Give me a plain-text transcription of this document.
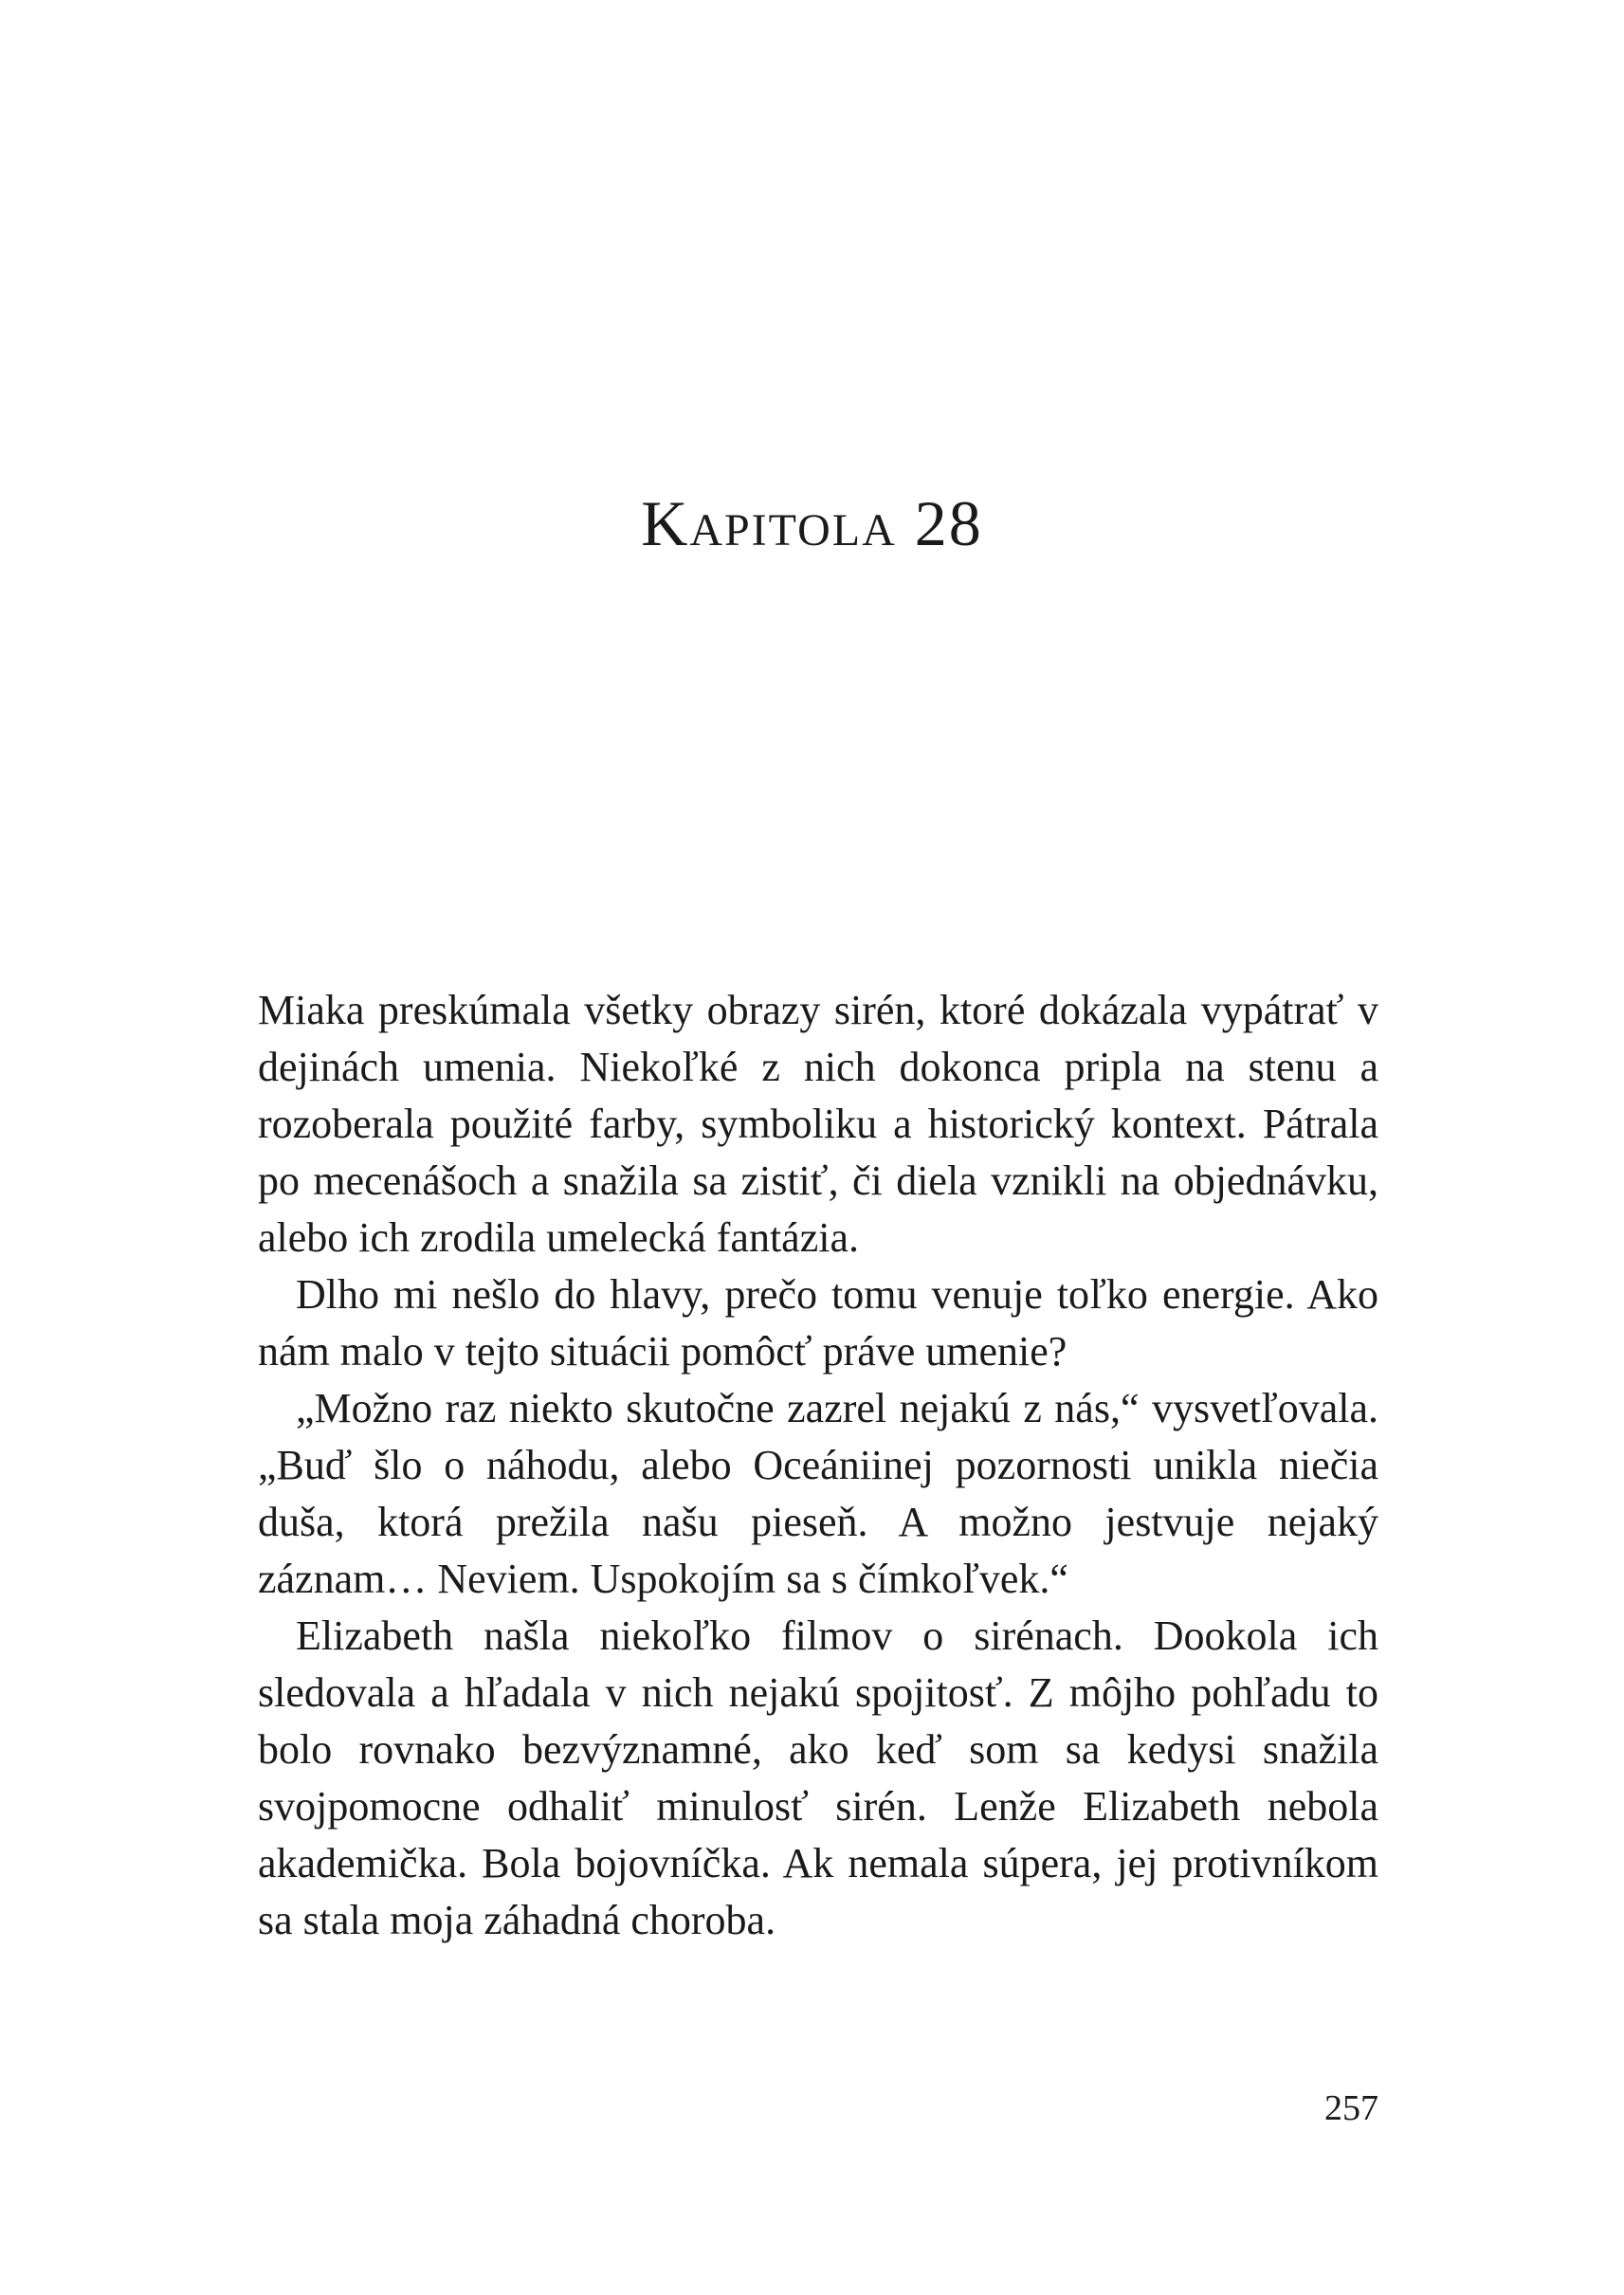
Kapitola 28

Miaka preskúmala všetky obrazy sirén, ktoré dokázala vypátrať v dejinách umenia. Niekoľké z nich dokonca pripla na stenu a rozoberala použité farby, symboliku a historický kontext. Pátrala po mecenášoch a snažila sa zistiť, či diela vznikli na objednávku, alebo ich zrodila umelecká fantázia.

Dlho mi nešlo do hlavy, prečo tomu venuje toľko energie. Ako nám malo v tejto situácii pomôcť práve umenie?

„Možno raz niekto skutočne zazrel nejakú z nás,“ vysvetľovala. „Buď šlo o náhodu, alebo Oceániinej pozornosti unikla niečia duša, ktorá prežila našu pieseň. A možno jestvuje nejaký záznam… Neviem. Uspokojím sa s čímkoľvek.“

Elizabeth našla niekoľko filmov o sirénach. Dookola ich sledovala a hľadala v nich nejakú spojitosť. Z môjho pohľadu to bolo rovnako bezvýznamné, ako keď som sa kedysi snažila svojpomocne odhaliť minulosť sirén. Lenže Elizabeth nebola akademička. Bola bojovníčka. Ak nemala súpera, jej protivníkom sa stala moja záhadná choroba.

257
